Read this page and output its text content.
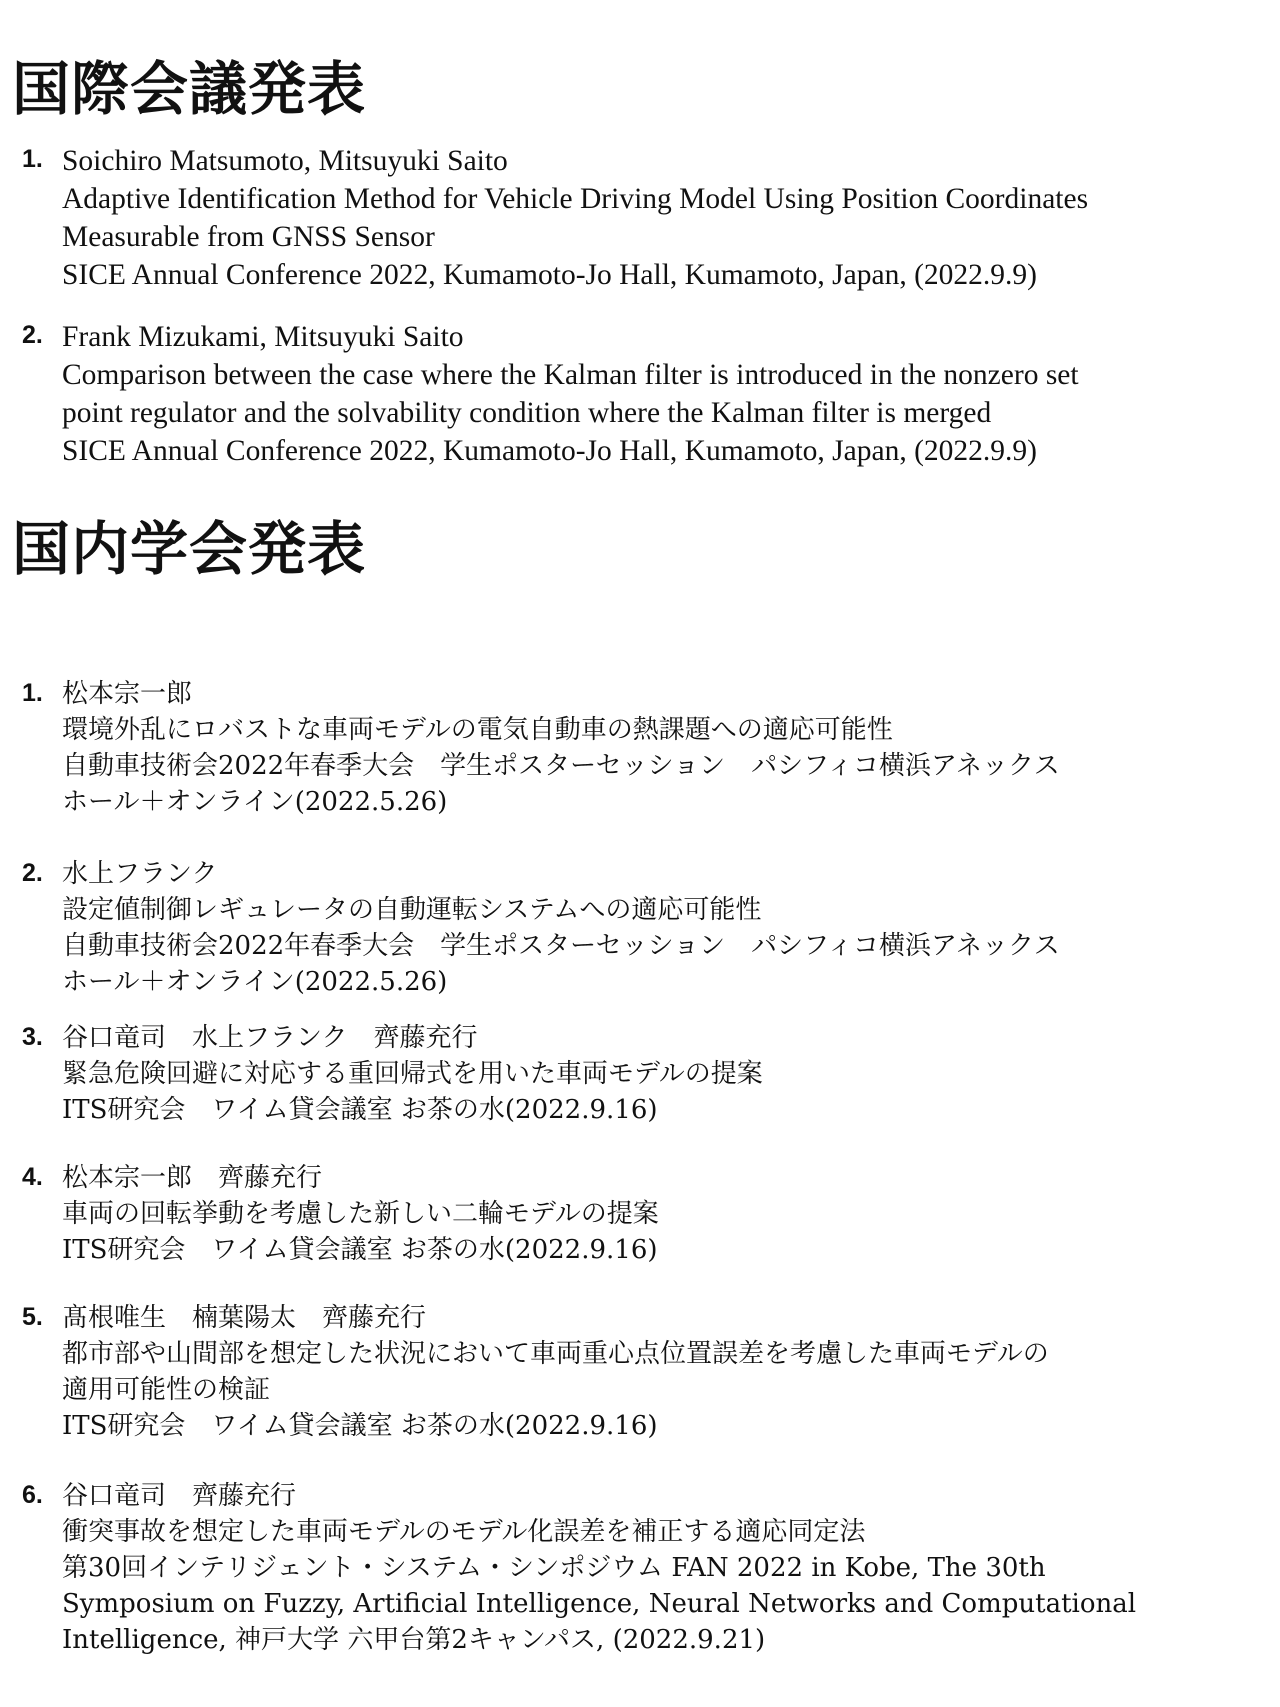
国際会議発表
1. Soichiro Matsumoto, Mitsuyuki Saito

Adaptive Identification Method for Vehicle Driving Model Using Position Coordinates

Measurable from GNSS Sensor

SICE Annual Conference 2022, Kumamoto-Jo Hall, Kumamoto, Japan, (2022.9.9)

2. Frank Mizukami, Mitsuyuki Saito

Comparison between the case where the Kalman filter is introduced in the nonzero set

point regulator and the solvability condition where the Kalman filter is merged

SICE Annual Conference 2022, Kumamoto-Jo Hall, Kumamoto, Japan, (2022.9.9)

国内学会発表
1. 松本宗一郎

環境外乱にロバストな車両モデルの電気自動車の熱課題への適応可能性

自動車技術会2022年春季大会　学生ポスターセッション　パシフィコ横浜アネックス

ホール＋オンライン(2022.5.26)

2. 水上フランク

設定値制御レギュレータの自動運転システムへの適応可能性

自動車技術会2022年春季大会　学生ポスターセッション　パシフィコ横浜アネックス

ホール＋オンライン(2022.5.26)

3. 谷口竜司　水上フランク　齊藤充行

緊急危険回避に対応する重回帰式を用いた車両モデルの提案

ITS研究会　ワイム貸会議室 お茶の水(2022.9.16)

4. 松本宗一郎　齊藤充行

車両の回転挙動を考慮した新しい二輪モデルの提案

ITS研究会　ワイム貸会議室 お茶の水(2022.9.16)

5. 髙根唯生　楠葉陽太　齊藤充行

都市部や山間部を想定した状況において車両重心点位置誤差を考慮した車両モデルの

適用可能性の検証

ITS研究会　ワイム貸会議室 お茶の水(2022.9.16)

6. 谷口竜司　齊藤充行

衝突事故を想定した車両モデルのモデル化誤差を補正する適応同定法

第30回インテリジェント・システム・シンポジウム FAN 2022 in Kobe, The 30th

Symposium on Fuzzy, Artificial Intelligence, Neural Networks and Computational

Intelligence, 神戸大学 六甲台第2キャンパス, (2022.9.21)
